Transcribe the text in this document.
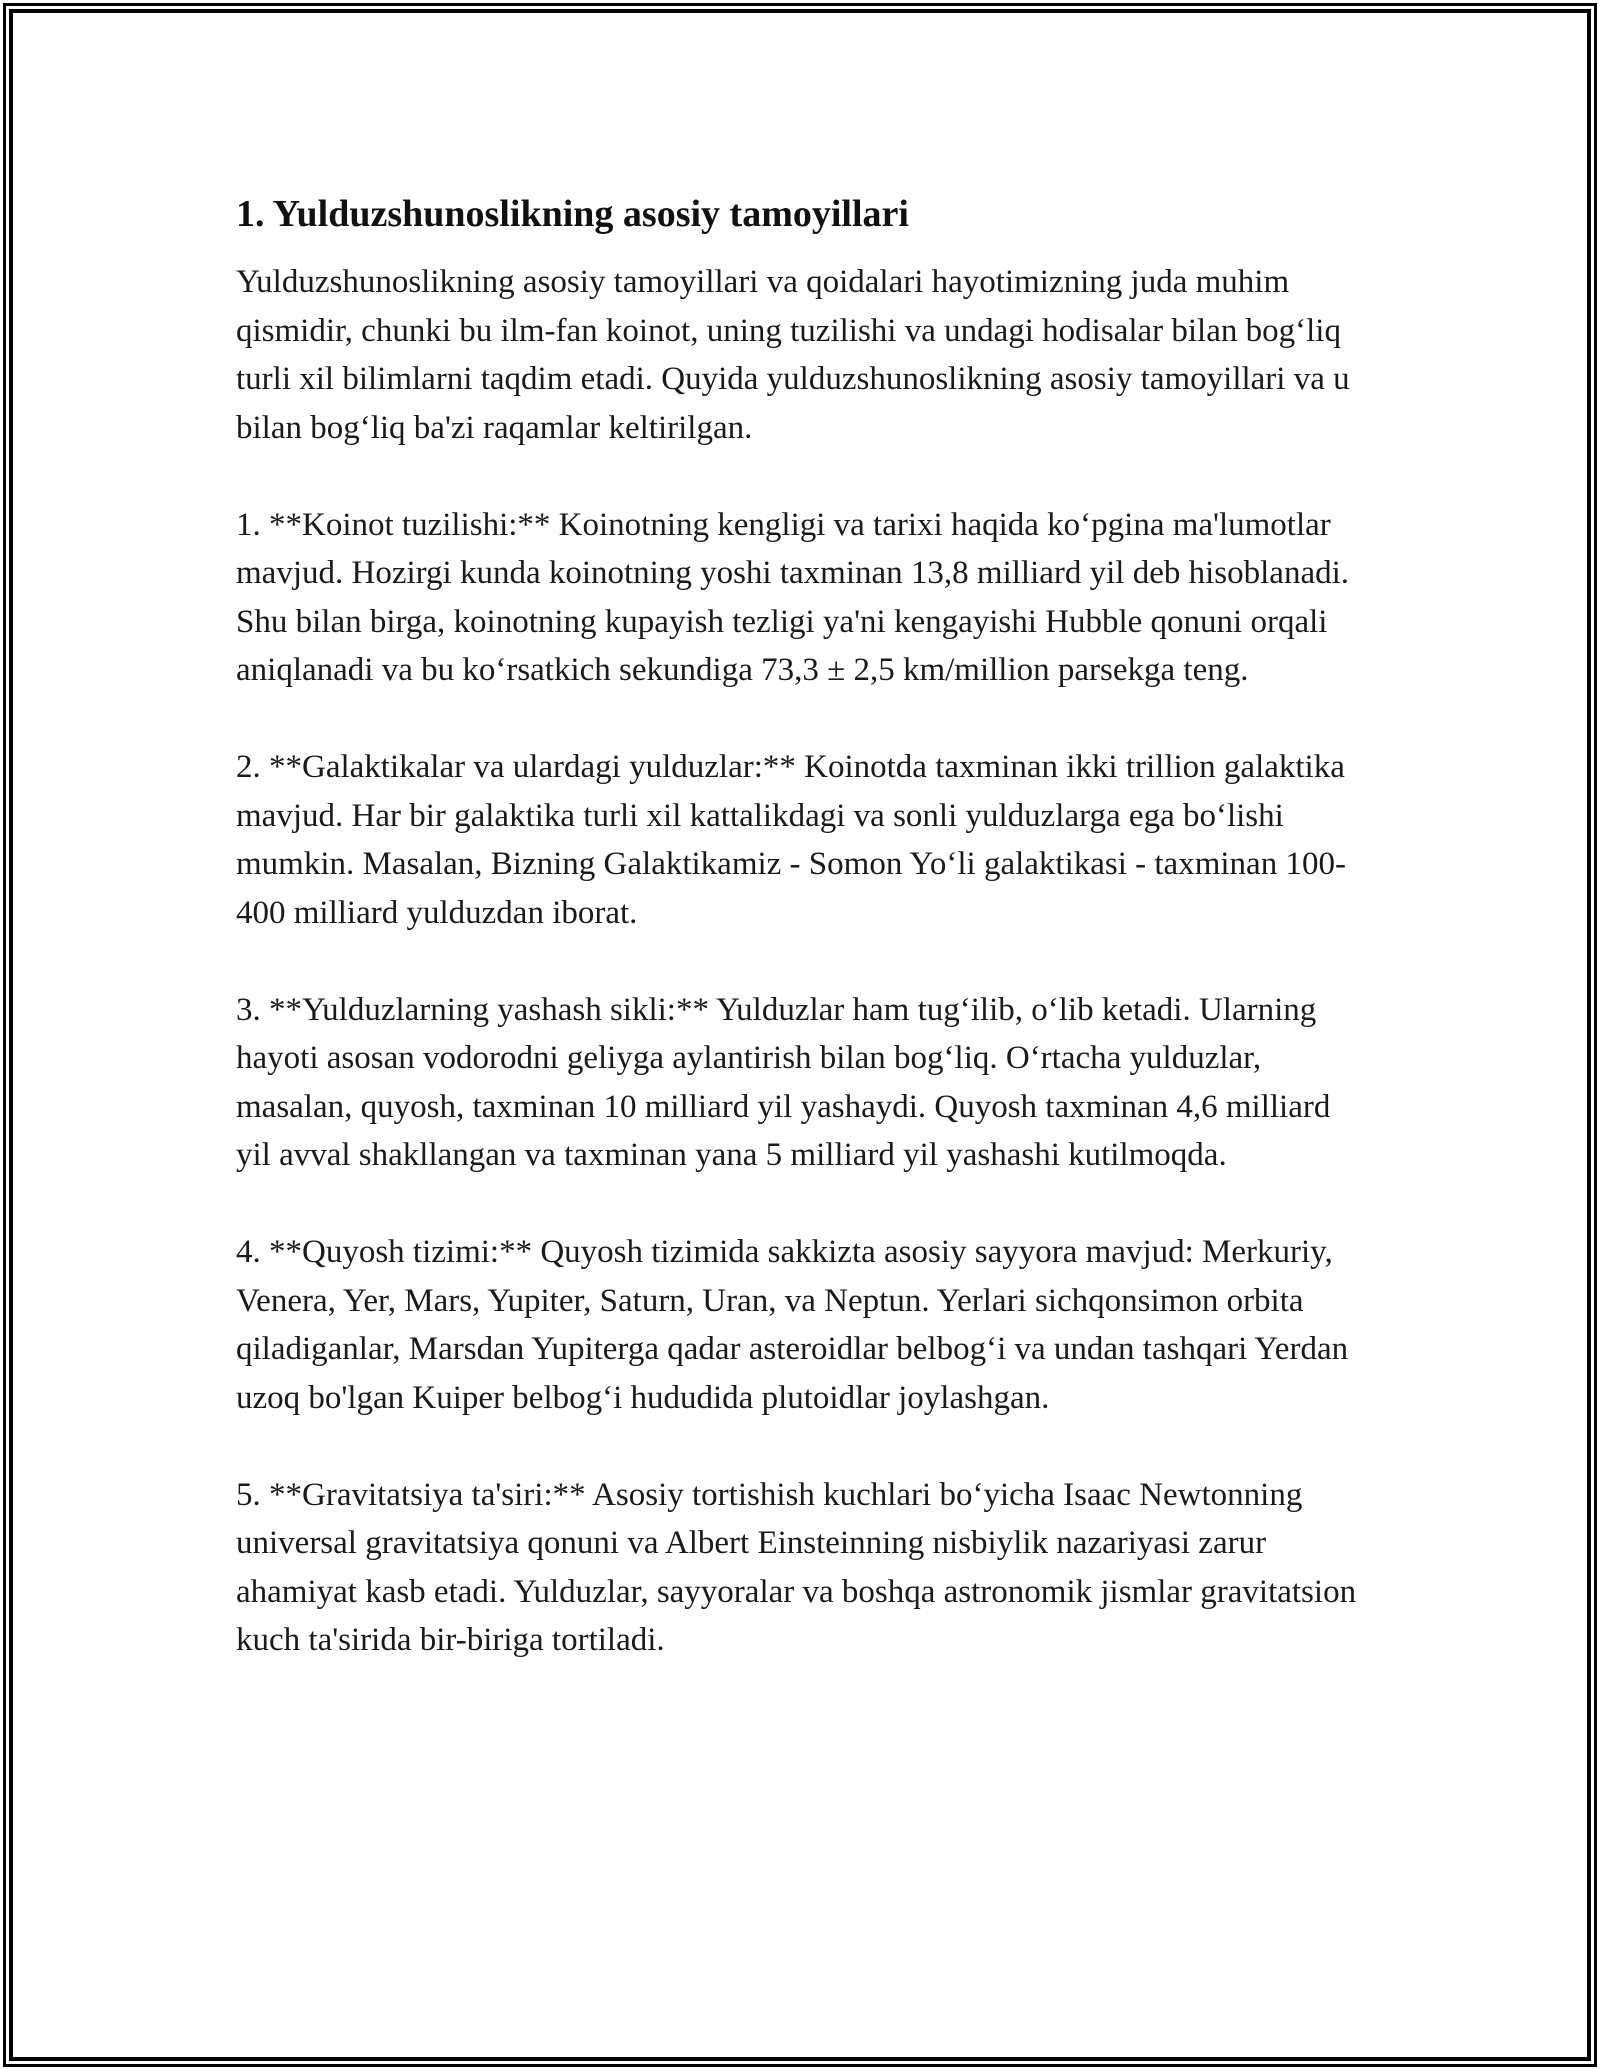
1. Yulduzshunoslikning asosiy tamoyillari

Yulduzshunoslikning asosiy tamoyillari va qoidalari hayotimizning juda muhim qismidir, chunki bu ilm-fan koinot, uning tuzilishi va undagi hodisalar bilan bog‘liq turli xil bilimlarni taqdim etadi. Quyida yulduzshunoslikning asosiy tamoyillari va u bilan bog‘liq ba'zi raqamlar keltirilgan.

1. **Koinot tuzilishi:** Koinotning kengligi va tarixi haqida ko‘pgina ma'lumotlar mavjud. Hozirgi kunda koinotning yoshi taxminan 13,8 milliard yil deb hisoblanadi. Shu bilan birga, koinotning kupayish tezligi ya'ni kengayishi Hubble qonuni orqali aniqlanadi va bu ko‘rsatkich sekundiga 73,3 ± 2,5 km/million parsekga teng.

2. **Galaktikalar va ulardagi yulduzlar:** Koinotda taxminan ikki trillion galaktika mavjud. Har bir galaktika turli xil kattalikdagi va sonli yulduzlarga ega bo‘lishi mumkin. Masalan, Bizning Galaktikamiz - Somon Yo‘li galaktikasi - taxminan 100-400 milliard yulduzdan iborat.

3. **Yulduzlarning yashash sikli:** Yulduzlar ham tug‘ilib, o‘lib ketadi. Ularning hayoti asosan vodorodni geliyga aylantirish bilan bog‘liq. O‘rtacha yulduzlar, masalan, quyosh, taxminan 10 milliard yil yashaydi. Quyosh taxminan 4,6 milliard yil avval shakllangan va taxminan yana 5 milliard yil yashashi kutilmoqda.

4. **Quyosh tizimi:** Quyosh tizimida sakkizta asosiy sayyora mavjud: Merkuriy, Venera, Yer, Mars, Yupiter, Saturn, Uran, va Neptun. Yerlari sichqonsimon orbita qiladiganlar, Marsdan Yupiterga qadar asteroidlar belbog‘i va undan tashqari Yerdan uzoq bo'lgan Kuiper belbog‘i hududida plutoidlar joylashgan.

5. **Gravitatsiya ta'siri:** Asosiy tortishish kuchlari bo‘yicha Isaac Newtonning universal gravitatsiya qonuni va Albert Einsteinning nisbiylik nazariyasi zarur ahamiyat kasb etadi. Yulduzlar, sayyoralar va boshqa astronomik jismlar gravitatsion kuch ta'sirida bir-biriga tortiladi.
